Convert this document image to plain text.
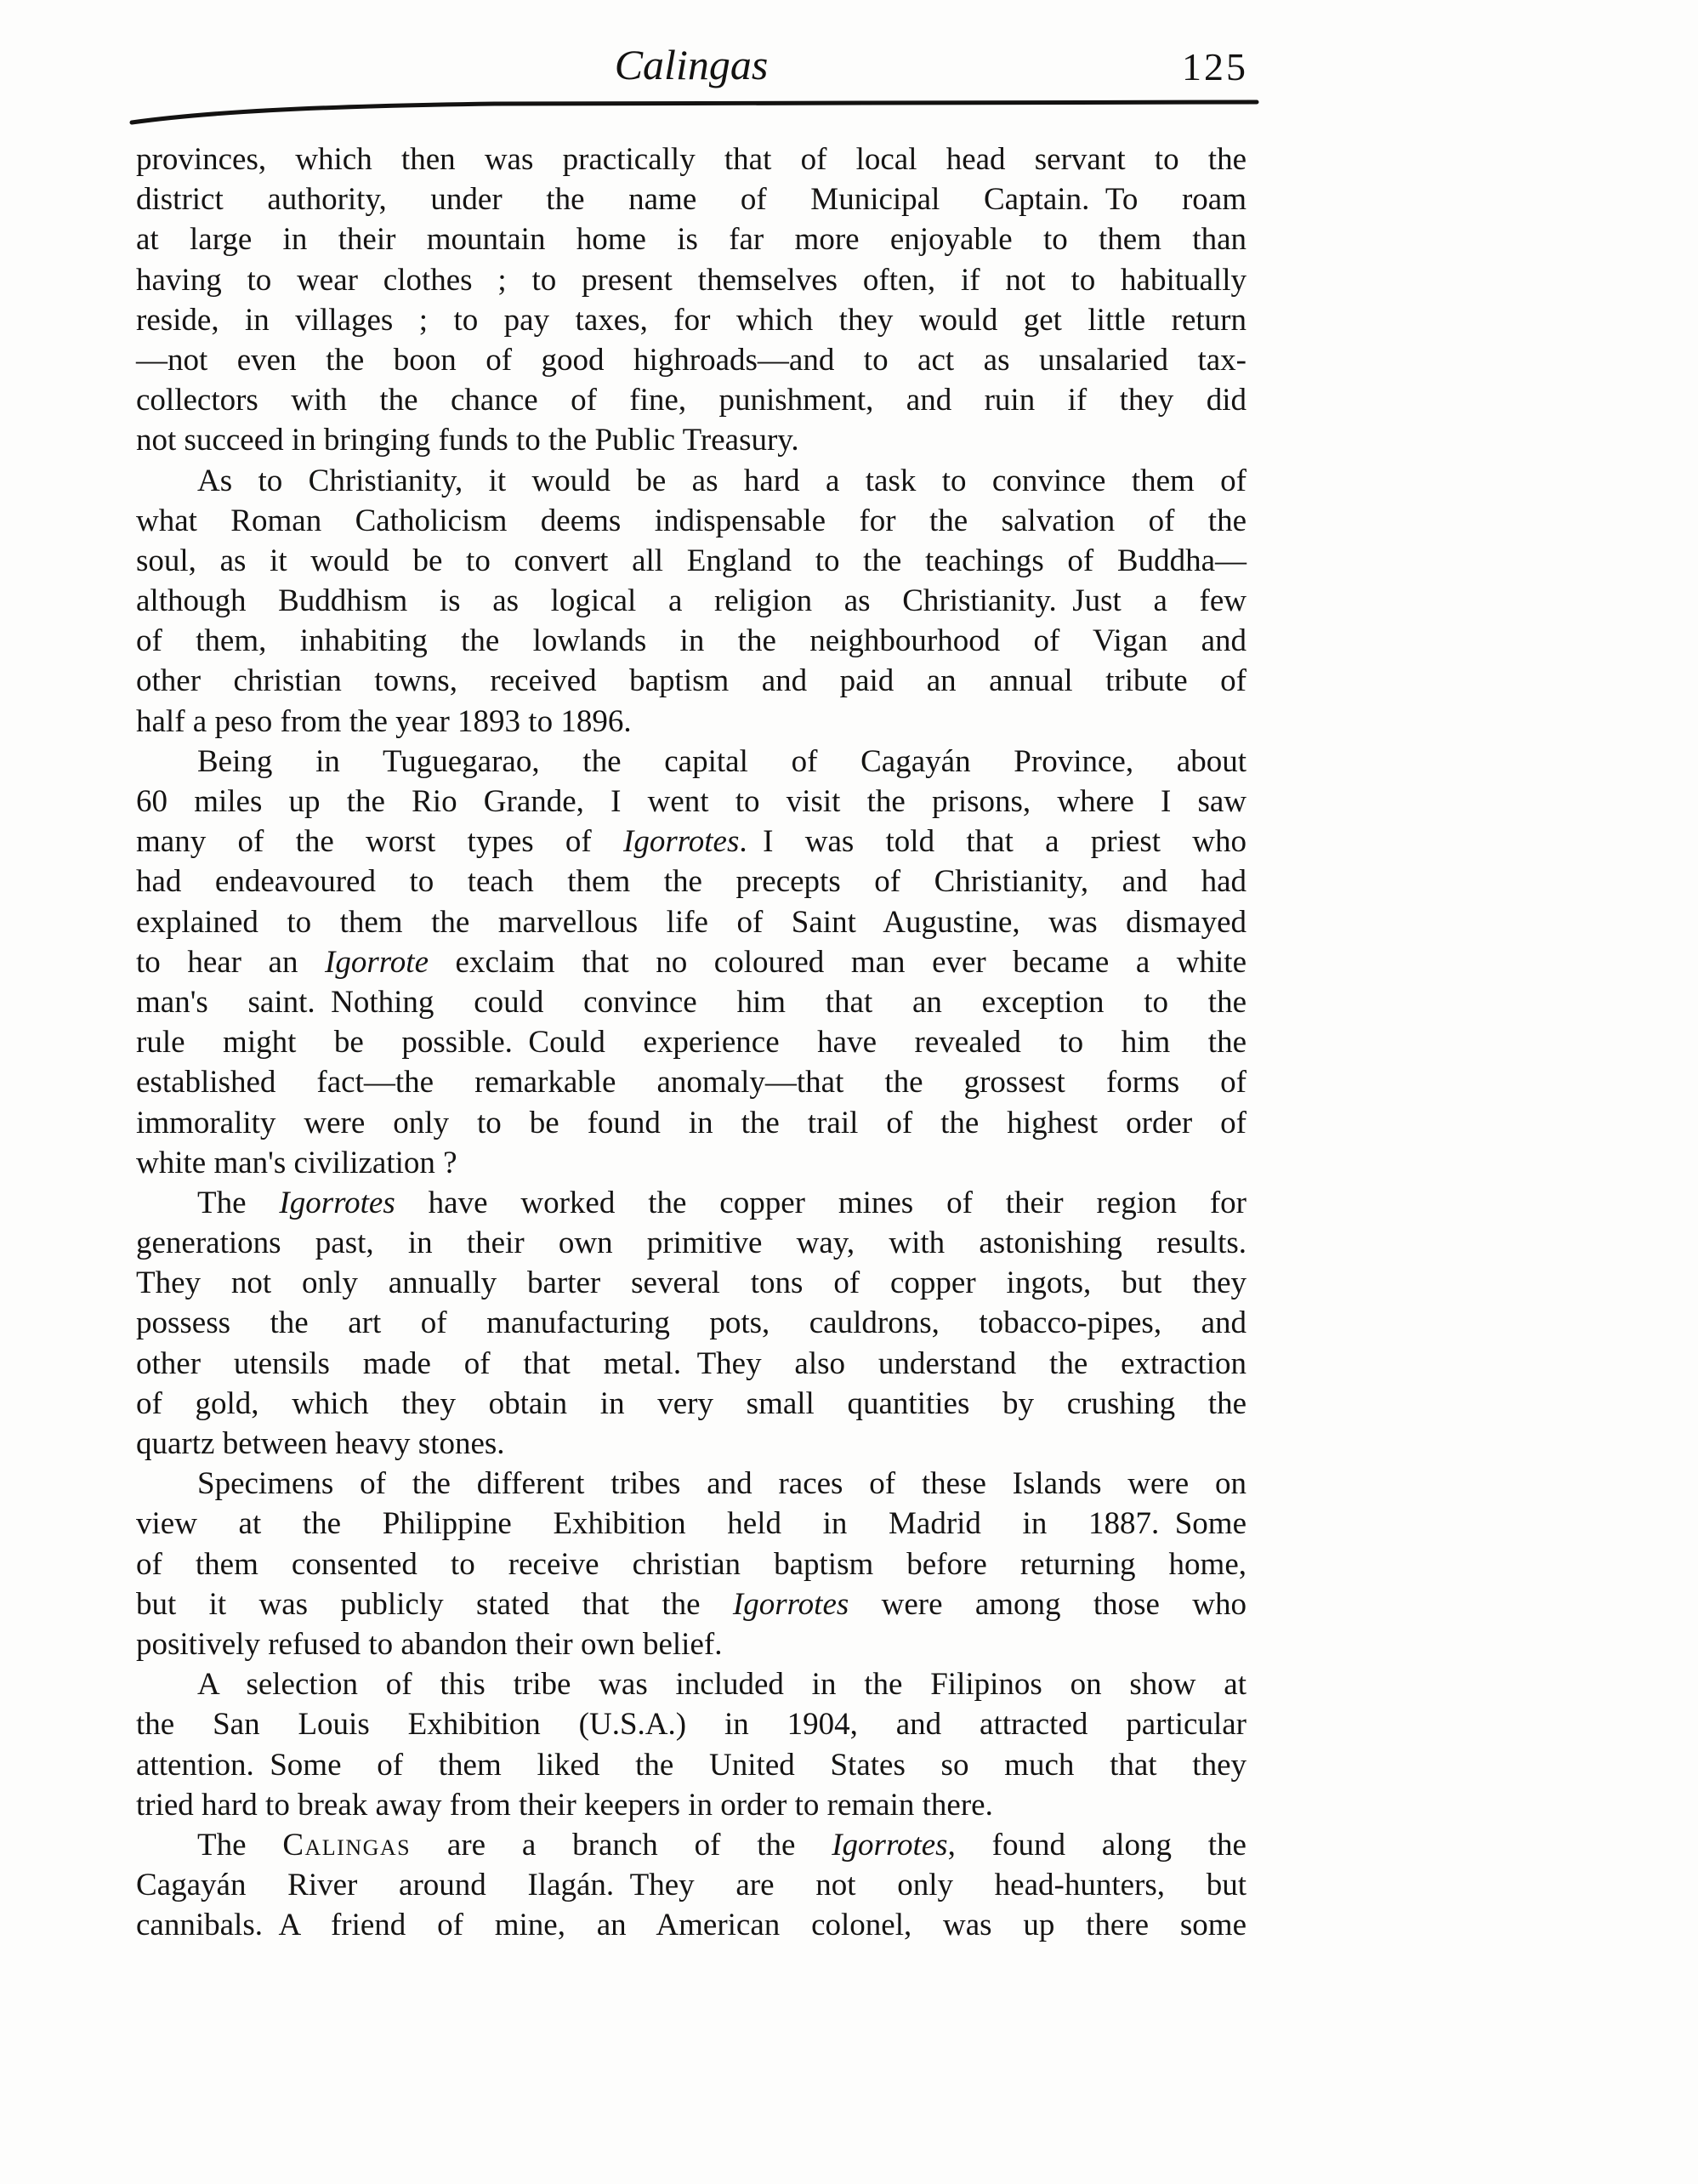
Calingas	125
provinces, which then was practically that of local head servant to the
district authority, under the name of Municipal Captain. To roam
at large in their mountain home is far more enjoyable to them than
having to wear clothes ; to present themselves often, if not to habitually
reside, in villages ; to pay taxes, for which they would get little return
—not even the boon of good highroads—and to act as unsalaried tax-
collectors with the chance of fine, punishment, and ruin if they did
not succeed in bringing funds to the Public Treasury.
As to Christianity, it would be as hard a task to convince them of
what Roman Catholicism deems indispensable for the salvation of the
soul, as it would be to convert all England to the teachings of Buddha—
although Buddhism is as logical a religion as Christianity. Just a few
of them, inhabiting the lowlands in the neighbourhood of Vigan and
other christian towns, received baptism and paid an annual tribute of
half a peso from the year 1893 to 1896.
Being in Tuguegarao, the capital of Cagayán Province, about
60 miles up the Rio Grande, I went to visit the prisons, where I saw
many of the worst types of Igorrotes. I was told that a priest who
had endeavoured to teach them the precepts of Christianity, and had
explained to them the marvellous life of Saint Augustine, was dismayed
to hear an Igorrote exclaim that no coloured man ever became a white
man's saint. Nothing could convince him that an exception to the
rule might be possible. Could experience have revealed to him the
established fact—the remarkable anomaly—that the grossest forms of
immorality were only to be found in the trail of the highest order of
white man's civilization ?
The Igorrotes have worked the copper mines of their region for
generations past, in their own primitive way, with astonishing results.
They not only annually barter several tons of copper ingots, but they
possess the art of manufacturing pots, cauldrons, tobacco-pipes, and
other utensils made of that metal. They also understand the extraction
of gold, which they obtain in very small quantities by crushing the
quartz between heavy stones.
Specimens of the different tribes and races of these Islands were on
view at the Philippine Exhibition held in Madrid in 1887. Some
of them consented to receive christian baptism before returning home,
but it was publicly stated that the Igorrotes were among those who
positively refused to abandon their own belief.
A selection of this tribe was included in the Filipinos on show at
the San Louis Exhibition (U.S.A.) in 1904, and attracted particular
attention. Some of them liked the United States so much that they
tried hard to break away from their keepers in order to remain there.
The Calingas are a branch of the Igorrotes, found along the
Cagayán River around Ilagán. They are not only head-hunters, but
cannibals. A friend of mine, an American colonel, was up there some
